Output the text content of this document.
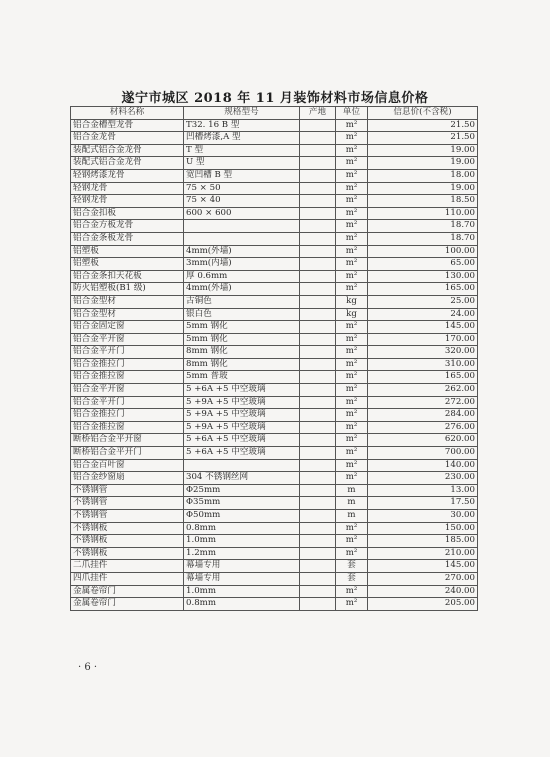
遂宁市城区 2018 年 11 月装饰材料市场信息价格
材料名称	规格型号	产地	单位	信息价(不含税)
铝合金槽型龙骨	T32. 16 B 型		m²	21.50
铝合金龙骨	凹槽烤漆,A 型		m²	21.50
装配式铝合金龙骨	T 型		m²	19.00
装配式铝合金龙骨	U 型		m²	19.00
轻钢烤漆龙骨	宽凹槽 B 型		m²	18.00
轻钢龙骨	75 × 50		m²	19.00
轻钢龙骨	75 × 40		m²	18.50
铝合金扣板	600 × 600		m²	110.00
铝合金方板龙骨			m²	18.70
铝合金条板龙骨			m²	18.70
铝塑板	4mm(外墙)		m²	100.00
铝塑板	3mm(内墙)		m²	65.00
铝合金条扣天花板	厚 0.6mm		m²	130.00
防火铝塑板(B1 级)	4mm(外墙)		m²	165.00
铝合金型材	古铜色		kg	25.00
铝合金型材	银白色		kg	24.00
铝合金固定窗	5mm 钢化		m²	145.00
铝合金平开窗	5mm 钢化		m²	170.00
铝合金平开门	8mm 钢化		m²	320.00
铝合金推拉门	8mm 钢化		m²	310.00
铝合金推拉窗	5mm 普玻		m²	165.00
铝合金平开窗	5 +6A +5 中空玻璃		m²	262.00
铝合金平开门	5 +9A +5 中空玻璃		m²	272.00
铝合金推拉门	5 +9A +5 中空玻璃		m²	284.00
铝合金推拉窗	5 +9A +5 中空玻璃		m²	276.00
断桥铝合金平开窗	5 +6A +5 中空玻璃		m²	620.00
断桥铝合金平开门	5 +6A +5 中空玻璃		m²	700.00
铝合金百叶窗			m²	140.00
铝合金纱窗扇	304 不锈钢丝网		m²	230.00
不锈钢管	Φ25mm		m	13.00
不锈钢管	Φ35mm		m	17.50
不锈钢管	Φ50mm		m	30.00
不锈钢板	0.8mm		m²	150.00
不锈钢板	1.0mm		m²	185.00
不锈钢板	1.2mm		m²	210.00
二爪挂件	幕墙专用		套	145.00
四爪挂件	幕墙专用		套	270.00
金属卷帘门	1.0mm		m²	240.00
金属卷帘门	0.8mm		m²	205.00
· 6 ·
